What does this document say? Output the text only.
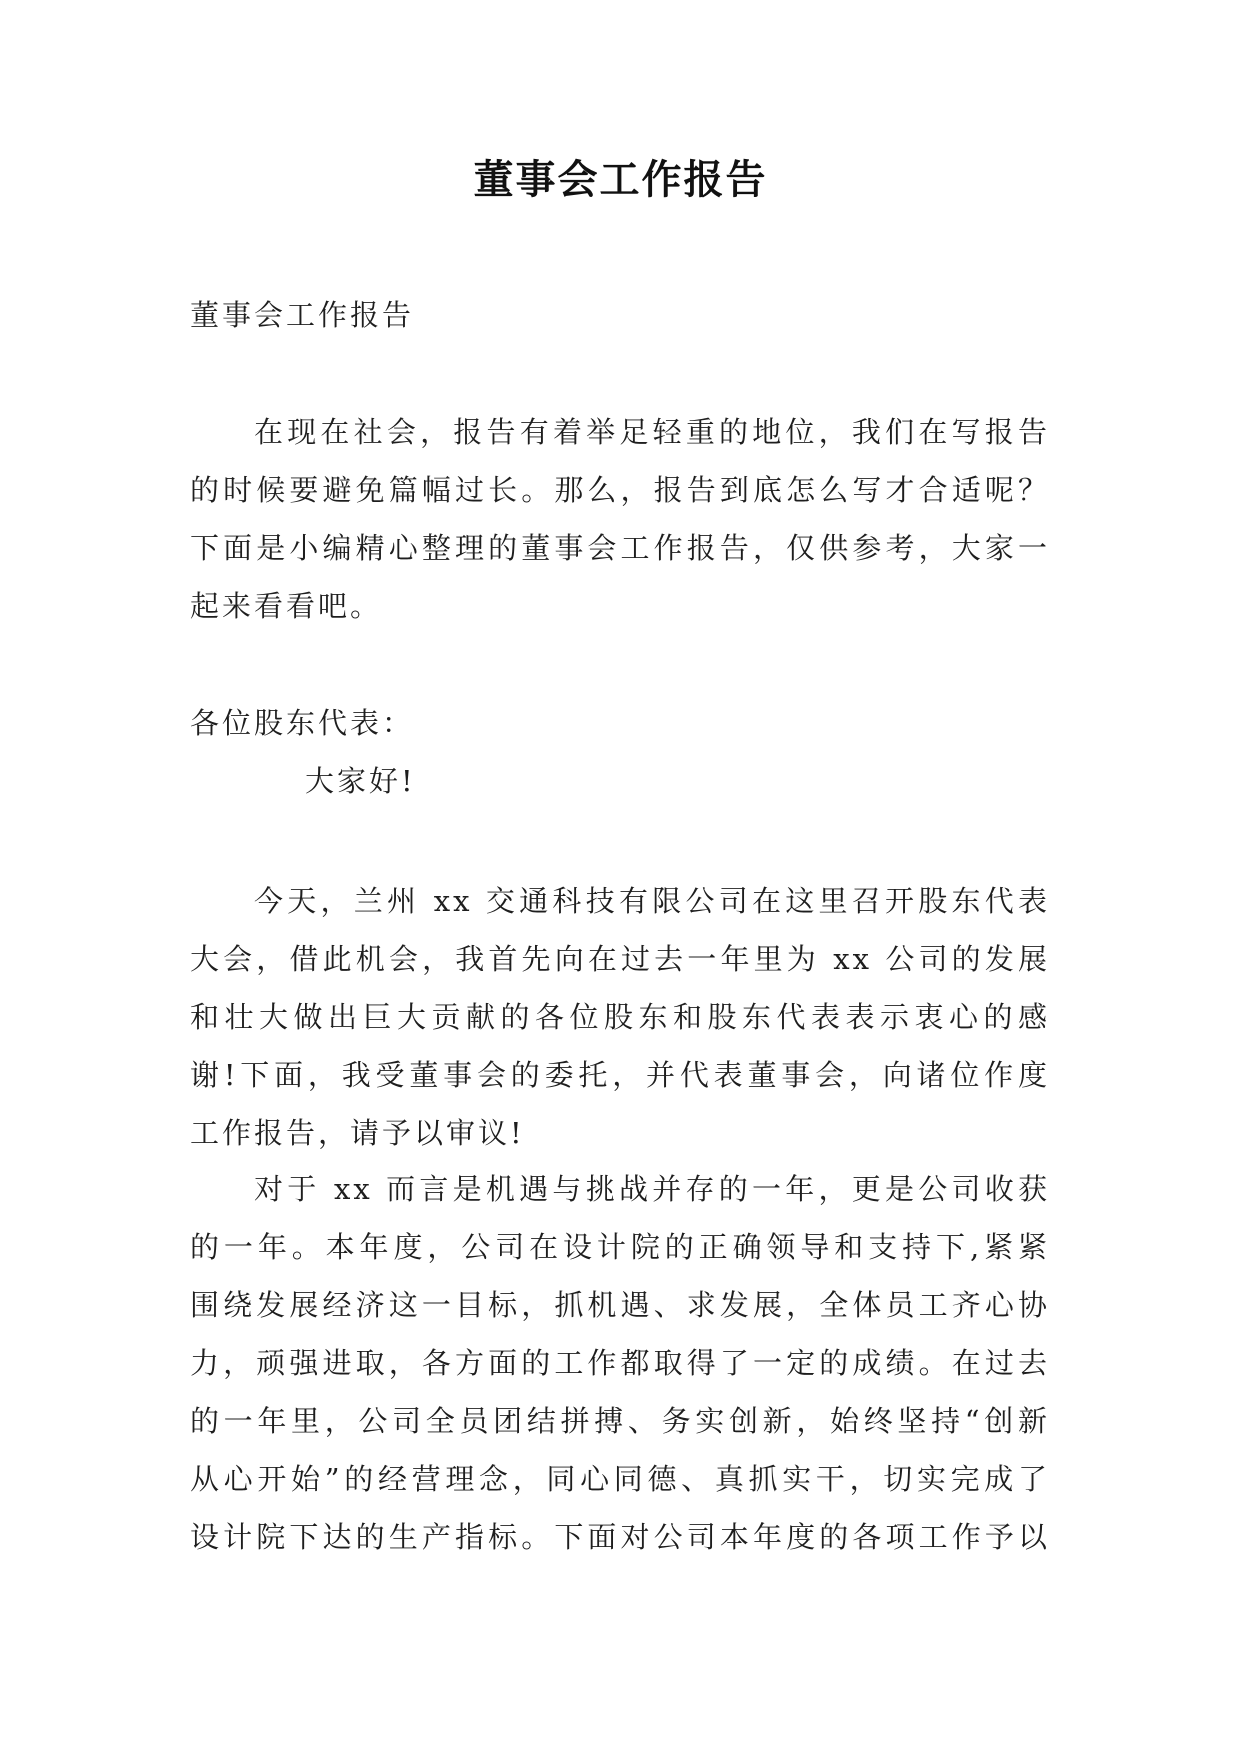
董事会工作报告
董事会工作报告
在现在社会，报告有着举足轻重的地位，我们在写报告
的时候要避免篇幅过长。那么，报告到底怎么写才合适呢？
下面是小编精心整理的董事会工作报告，仅供参考，大家一
起来看看吧。
各位股东代表：
大家好!
今天，兰州 xx 交通科技有限公司在这里召开股东代表
大会，借此机会，我首先向在过去一年里为 xx 公司的发展
和壮大做出巨大贡献的各位股东和股东代表表示衷心的感
谢!下面，我受董事会的委托，并代表董事会，向诸位作度
工作报告，请予以审议!
对于 xx 而言是机遇与挑战并存的一年，更是公司收获
的一年。本年度，公司在设计院的正确领导和支持下,紧紧
围绕发展经济这一目标，抓机遇、求发展，全体员工齐心协
力，顽强进取，各方面的工作都取得了一定的成绩。在过去
的一年里，公司全员团结拼搏、务实创新，始终坚持“创新
从心开始”的经营理念，同心同德、真抓实干，切实完成了
设计院下达的生产指标。下面对公司本年度的各项工作予以
